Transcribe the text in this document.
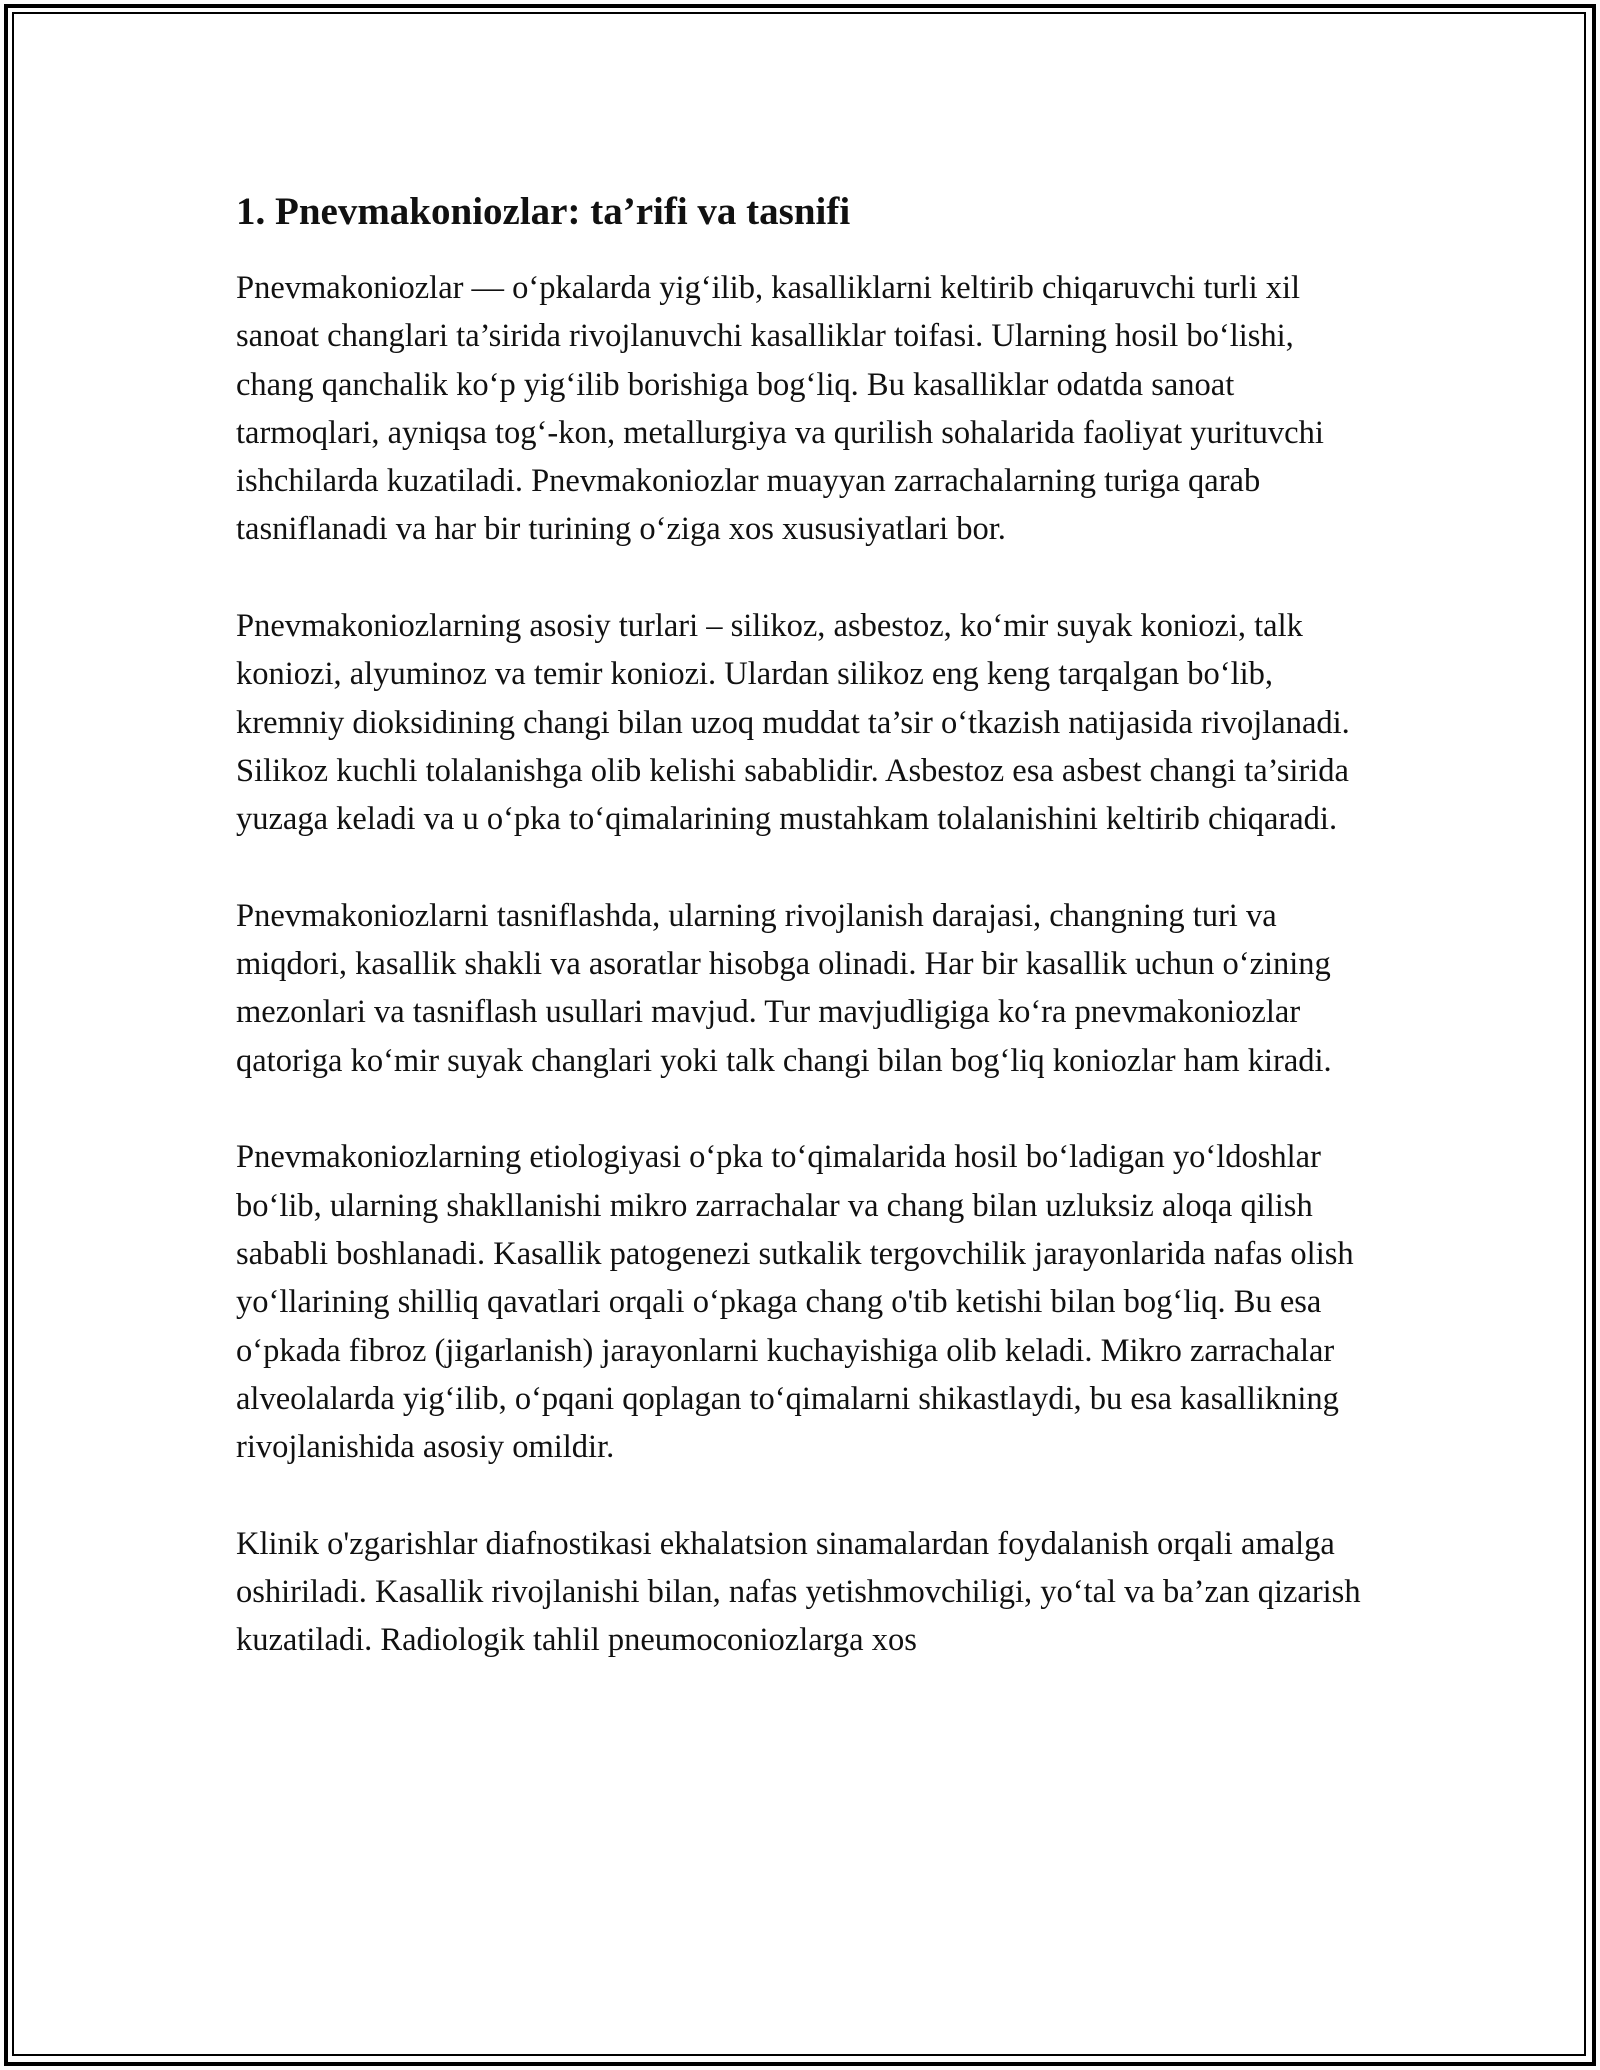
1. Pnevmakoniozlar: ta’rifi va tasnifi

Pnevmakoniozlar — oʻpkalarda yigʻilib, kasalliklarni keltirib chiqaruvchi turli xil sanoat changlari ta’sirida rivojlanuvchi kasalliklar toifasi. Ularning hosil boʻlishi, chang qanchalik koʻp yigʻilib borishiga bogʻliq. Bu kasalliklar odatda sanoat tarmoqlari, ayniqsa togʻ-kon, metallurgiya va qurilish sohalarida faoliyat yurituvchi ishchilarda kuzatiladi. Pnevmakoniozlar muayyan zarrachalarning turiga qarab tasniflanadi va har bir turining oʻziga xos xususiyatlari bor.

Pnevmakoniozlarning asosiy turlari – silikoz, asbestoz, koʻmir suyak koniozi, talk koniozi, alyuminoz va temir koniozi. Ulardan silikoz eng keng tarqalgan boʻlib, kremniy dioksidining changi bilan uzoq muddat ta’sir oʻtkazish natijasida rivojlanadi. Silikoz kuchli tolalanishga olib kelishi sabablidir. Asbestoz esa asbest changi ta’sirida yuzaga keladi va u oʻpka toʻqimalarining mustahkam tolalanishini keltirib chiqaradi.

Pnevmakoniozlarni tasniflashda, ularning rivojlanish darajasi, changning turi va miqdori, kasallik shakli va asoratlar hisobga olinadi. Har bir kasallik uchun oʻzining mezonlari va tasniflash usullari mavjud. Tur mavjudligiga koʻra pnevmakoniozlar qatoriga koʻmir suyak changlari yoki talk changi bilan bogʻliq koniozlar ham kiradi.

Pnevmakoniozlarning etiologiyasi oʻpka toʻqimalarida hosil boʻladigan yoʻldoshlar boʻlib, ularning shakllanishi mikro zarrachalar va chang bilan uzluksiz aloqa qilish sababli boshlanadi. Kasallik patogenezi sutkalik tergovchilik jarayonlarida nafas olish yoʻllarining shilliq qavatlari orqali oʻpkaga chang o'tib ketishi bilan bogʻliq. Bu esa oʻpkada fibroz (jigarlanish) jarayonlarni kuchayishiga olib keladi. Mikro zarrachalar alveolalarda yigʻilib, oʻpqani qoplagan toʻqimalarni shikastlaydi, bu esa kasallikning rivojlanishida asosiy omildir.

Klinik o'zgarishlar diafnostikasi ekhalatsion sinamalardan foydalanish orqali amalga oshiriladi. Kasallik rivojlanishi bilan, nafas yetishmovchiligi, yoʻtal va ba’zan qizarish kuzatiladi. Radiologik tahlil pneumoconiozlarga xos
